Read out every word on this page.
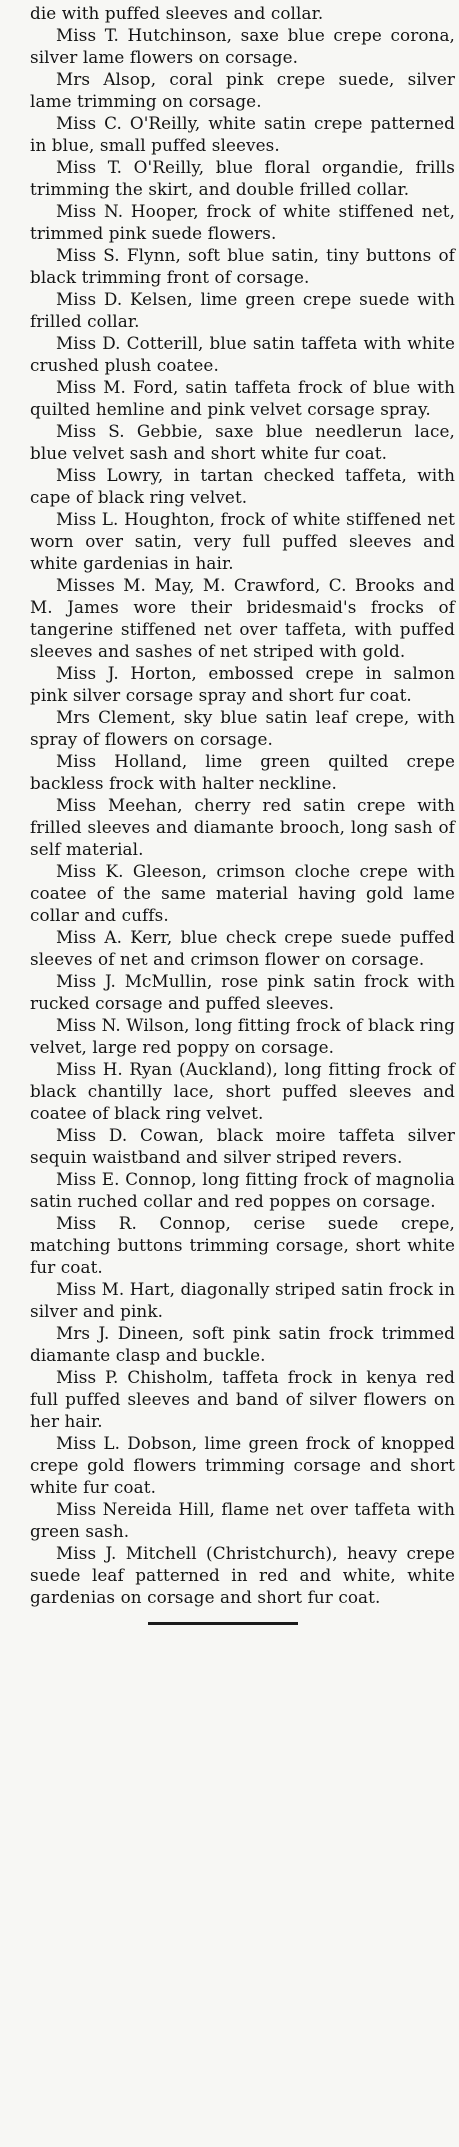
die with puffed sleeves and collar.

Miss T. Hutchinson, saxe blue crepe corona, silver lame flowers on corsage.

Mrs Alsop, coral pink crepe suede, silver lame trimming on corsage.

Miss C. O'Reilly, white satin crepe patterned in blue, small puffed sleeves.

Miss T. O'Reilly, blue floral organdie, frills trimming the skirt, and double frilled collar.

Miss N. Hooper, frock of white stiffened net, trimmed pink suede flowers.

Miss S. Flynn, soft blue satin, tiny buttons of black trimming front of corsage.

Miss D. Kelsen, lime green crepe suede with frilled collar.

Miss D. Cotterill, blue satin taffeta with white crushed plush coatee.

Miss M. Ford, satin taffeta frock of blue with quilted hemline and pink velvet corsage spray.

Miss S. Gebbie, saxe blue needlerun lace, blue velvet sash and short white fur coat.

Miss Lowry, in tartan checked taffeta, with cape of black ring velvet.

Miss L. Houghton, frock of white stiffened net worn over satin, very full puffed sleeves and white gardenias in hair.

Misses M. May, M. Crawford, C. Brooks and M. James wore their bridesmaid's frocks of tangerine stiffened net over taffeta, with puffed sleeves and sashes of net striped with gold.

Miss J. Horton, embossed crepe in salmon pink silver corsage spray and short fur coat.

Mrs Clement, sky blue satin leaf crepe, with spray of flowers on corsage.

Miss Holland, lime green quilted crepe backless frock with halter neckline.

Miss Meehan, cherry red satin crepe with frilled sleeves and diamante brooch, long sash of self material.

Miss K. Gleeson, crimson cloche crepe with coatee of the same material having gold lame collar and cuffs.

Miss A. Kerr, blue check crepe suede puffed sleeves of net and crimson flower on corsage.

Miss J. McMullin, rose pink satin frock with rucked corsage and puffed sleeves.

Miss N. Wilson, long fitting frock of black ring velvet, large red poppy on corsage.

Miss H. Ryan (Auckland), long fitting frock of black chantilly lace, short puffed sleeves and coatee of black ring velvet.

Miss D. Cowan, black moire taffeta silver sequin waistband and silver striped revers.

Miss E. Connop, long fitting frock of magnolia satin ruched collar and red poppes on corsage.

Miss R. Connop, cerise suede crepe, matching buttons trimming corsage, short white fur coat.

Miss M. Hart, diagonally striped satin frock in silver and pink.

Mrs J. Dineen, soft pink satin frock trimmed diamante clasp and buckle.

Miss P. Chisholm, taffeta frock in kenya red full puffed sleeves and band of silver flowers on her hair.

Miss L. Dobson, lime green frock of knopped crepe gold flowers trimming corsage and short white fur coat.

Miss Nereida Hill, flame net over taffeta with green sash.

Miss J. Mitchell (Christchurch), heavy crepe suede leaf patterned in red and white, white gardenias on corsage and short fur coat.
